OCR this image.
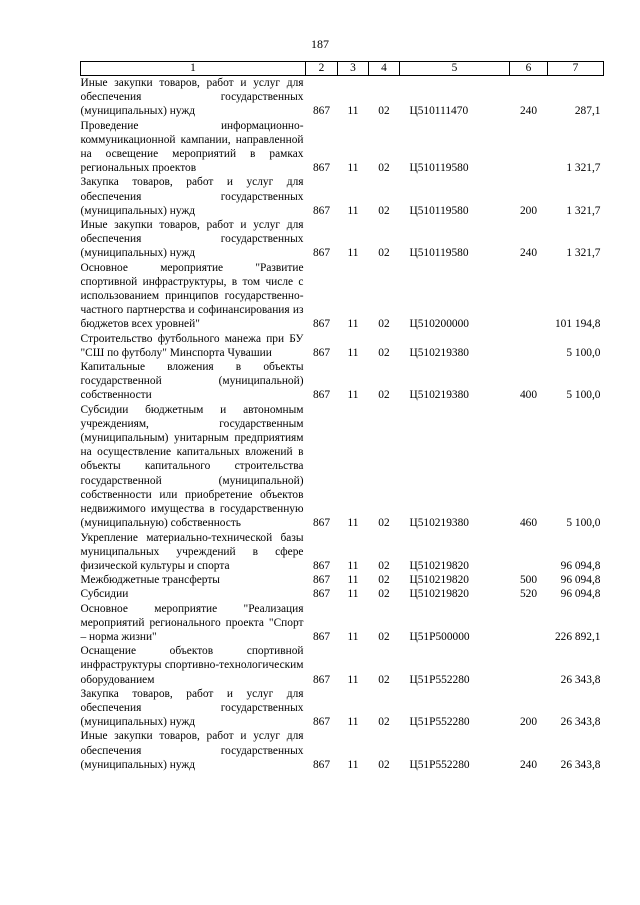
187
1	2	3	4	5	6	7
Иные закупки товаров, работ и услуг для обеспечения государственных (муниципальных) нужд	867	11	02	Ц510111470	240	287,1
Проведение информационно-коммуникационной кампании, направленной на освещение мероприятий в рамках региональных проектов	867	11	02	Ц510119580		1 321,7
Закупка товаров, работ и услуг для обеспечения государственных (муниципальных) нужд	867	11	02	Ц510119580	200	1 321,7
Иные закупки товаров, работ и услуг для обеспечения государственных (муниципальных) нужд	867	11	02	Ц510119580	240	1 321,7
Основное мероприятие "Развитие спортивной инфраструктуры, в том числе с использованием принципов государственно-частного партнерства и софинансирования из бюджетов всех уровней"	867	11	02	Ц510200000		101 194,8
Строительство футбольного манежа при БУ "СШ по футболу" Минспорта Чувашии	867	11	02	Ц510219380		5 100,0
Капитальные вложения в объекты государственной (муниципальной) собственности	867	11	02	Ц510219380	400	5 100,0
Субсидии бюджетным и автономным учреждениям, государственным (муниципальным) унитарным предприятиям на осуществление капитальных вложений в объекты капитального строительства государственной (муниципальной) собственности или приобретение объектов недвижимого имущества в государственную (муниципальную) собственность	867	11	02	Ц510219380	460	5 100,0
Укрепление материально-технической базы муниципальных учреждений в сфере физической культуры и спорта	867	11	02	Ц510219820		96 094,8
Межбюджетные трансферты	867	11	02	Ц510219820	500	96 094,8
Субсидии	867	11	02	Ц510219820	520	96 094,8
Основное мероприятие "Реализация мероприятий регионального проекта "Спорт – норма жизни"	867	11	02	Ц51Р500000		226 892,1
Оснащение объектов спортивной инфраструктуры спортивно-технологическим оборудованием	867	11	02	Ц51Р552280		26 343,8
Закупка товаров, работ и услуг для обеспечения государственных (муниципальных) нужд	867	11	02	Ц51Р552280	200	26 343,8
Иные закупки товаров, работ и услуг для обеспечения государственных (муниципальных) нужд	867	11	02	Ц51Р552280	240	26 343,8
